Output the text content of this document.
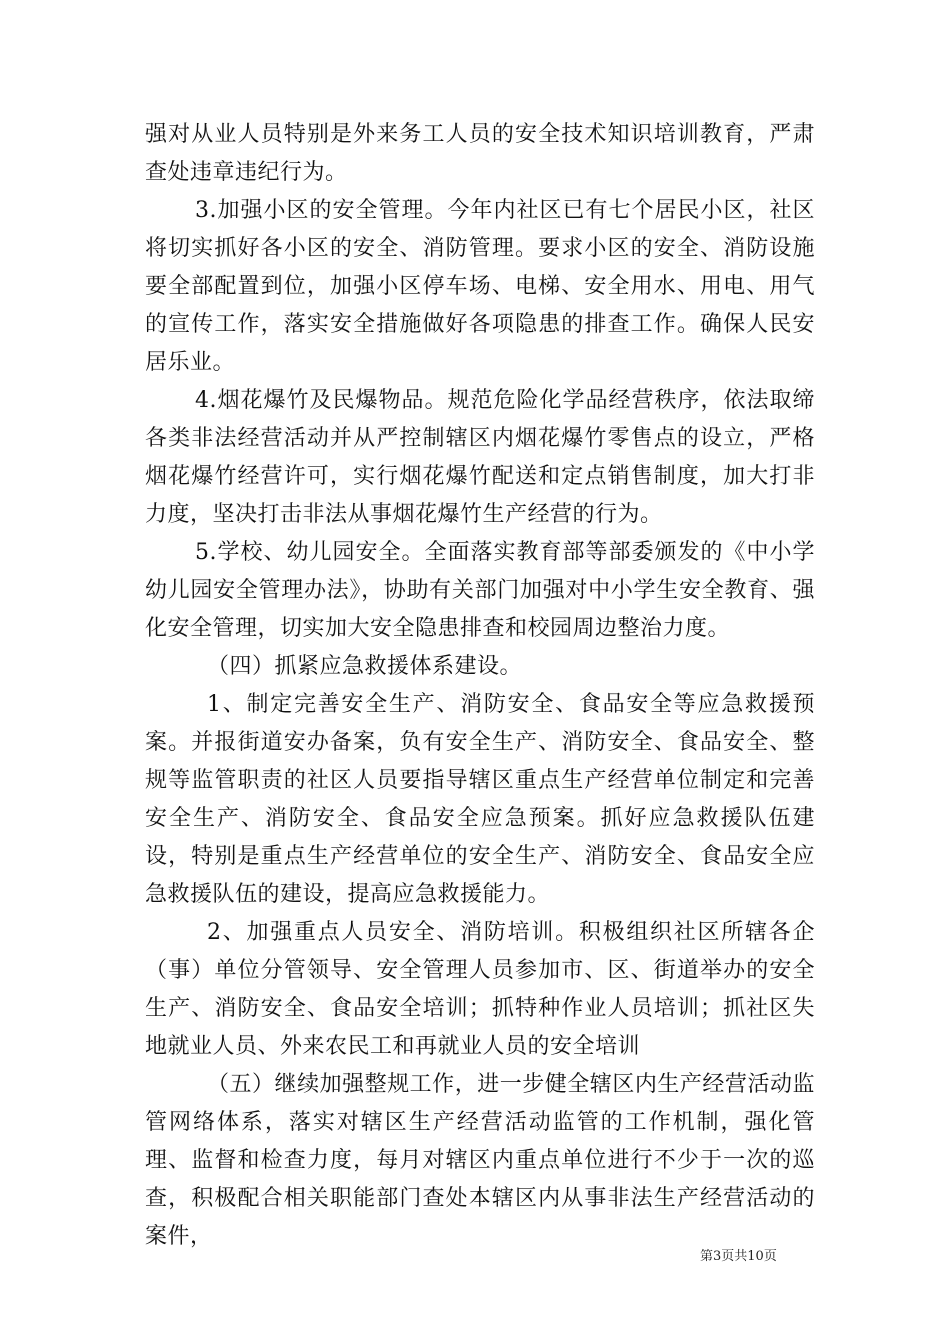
强对从业人员特别是外来务工人员的安全技术知识培训教育，严肃查处违章违纪行为。

3.加强小区的安全管理。今年内社区已有七个居民小区，社区将切实抓好各小区的安全、消防管理。要求小区的安全、消防设施要全部配置到位，加强小区停车场、电梯、安全用水、用电、用气的宣传工作，落实安全措施做好各项隐患的排查工作。确保人民安居乐业。

4.烟花爆竹及民爆物品。规范危险化学品经营秩序，依法取缔各类非法经营活动并从严控制辖区内烟花爆竹零售点的设立，严格烟花爆竹经营许可，实行烟花爆竹配送和定点销售制度，加大打非力度，坚决打击非法从事烟花爆竹生产经营的行为。

5.学校、幼儿园安全。全面落实教育部等部委颁发的《中小学幼儿园安全管理办法》，协助有关部门加强对中小学生安全教育、强化安全管理，切实加大安全隐患排查和校园周边整治力度。

（四）抓紧应急救援体系建设。

1、制定完善安全生产、消防安全、食品安全等应急救援预案。并报街道安办备案，负有安全生产、消防安全、食品安全、整规等监管职责的社区人员要指导辖区重点生产经营单位制定和完善安全生产、消防安全、食品安全应急预案。抓好应急救援队伍建设，特别是重点生产经营单位的安全生产、消防安全、食品安全应急救援队伍的建设，提高应急救援能力。

2、加强重点人员安全、消防培训。积极组织社区所辖各企（事）单位分管领导、安全管理人员参加市、区、街道举办的安全生产、消防安全、食品安全培训；抓特种作业人员培训；抓社区失地就业人员、外来农民工和再就业人员的安全培训

（五）继续加强整规工作，进一步健全辖区内生产经营活动监管网络体系，落实对辖区生产经营活动监管的工作机制，强化管理、监督和检查力度，每月对辖区内重点单位进行不少于一次的巡查，积极配合相关职能部门查处本辖区内从事非法生产经营活动的案件，

第3页共10页
